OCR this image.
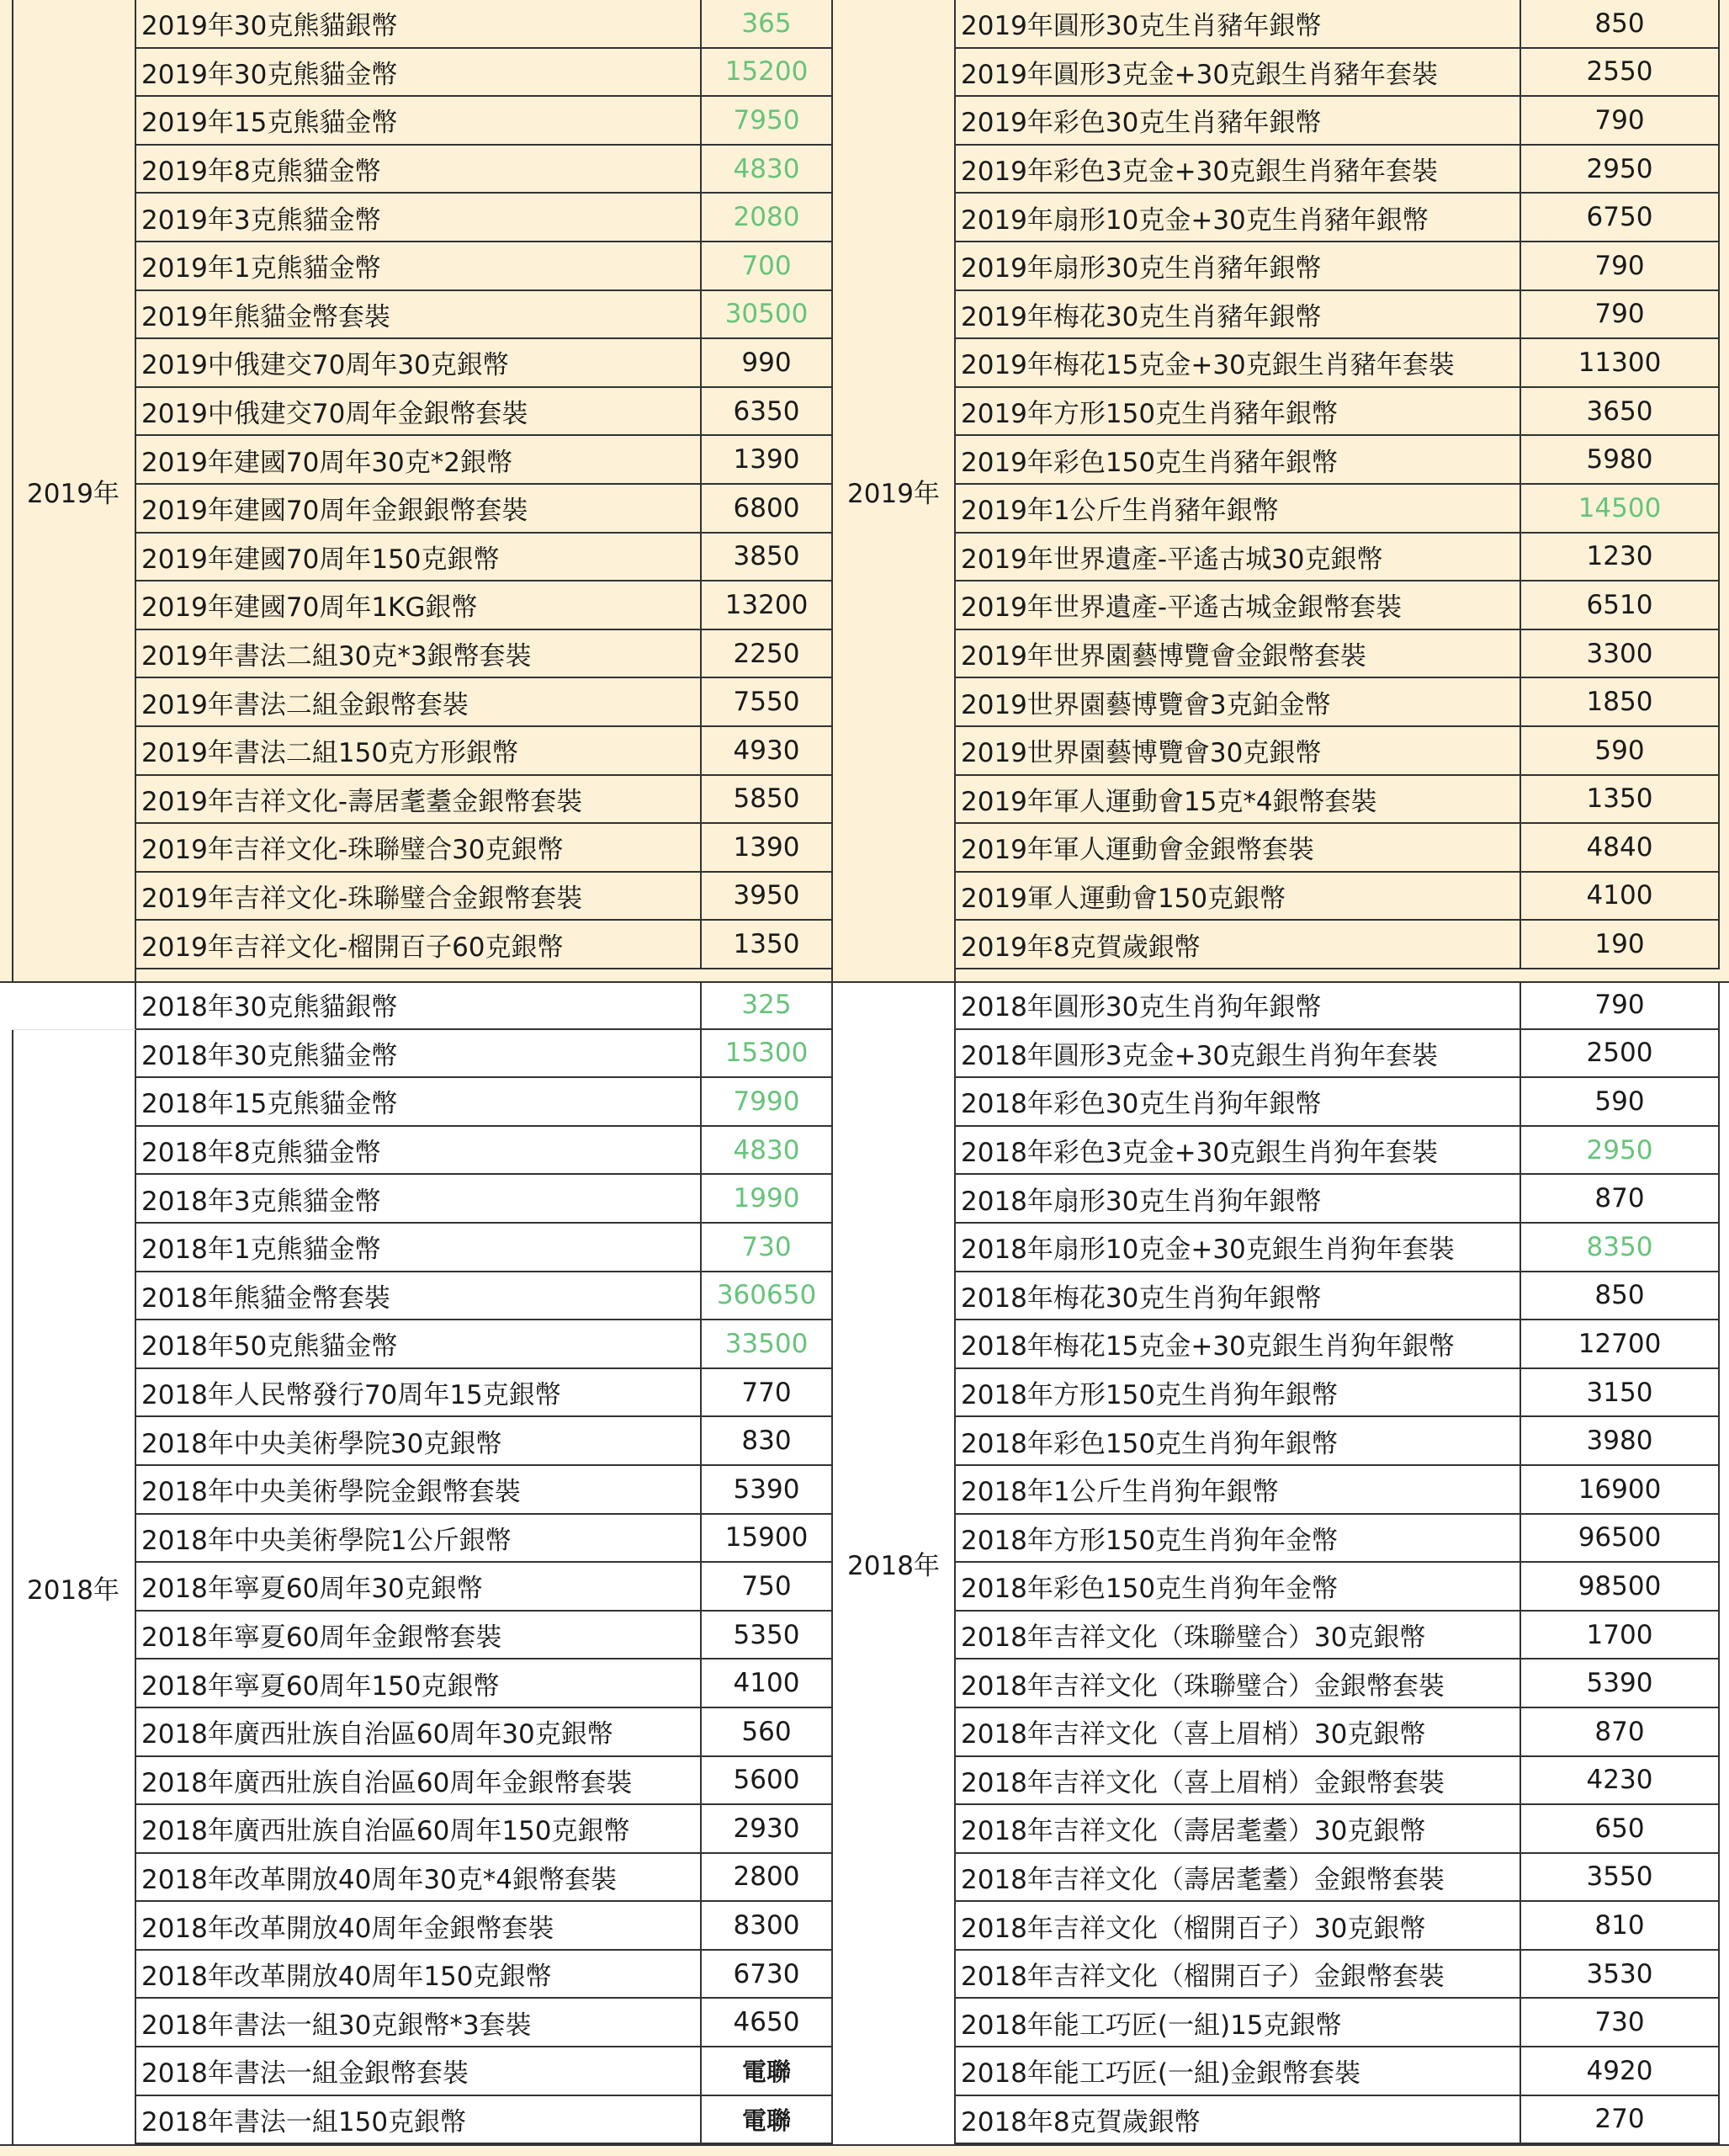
2019年
2019年30克熊貓銀幣	365
2019年30克熊貓金幣	15200
2019年15克熊貓金幣	7950
2019年8克熊貓金幣	4830
2019年3克熊貓金幣	2080
2019年1克熊貓金幣	700
2019年熊貓金幣套裝	30500
2019中俄建交70周年30克銀幣	990
2019中俄建交70周年金銀幣套裝	6350
2019年建國70周年30克*2銀幣	1390
2019年建國70周年金銀銀幣套裝	6800
2019年建國70周年150克銀幣	3850
2019年建國70周年1KG銀幣	13200
2019年書法二組30克*3銀幣套裝	2250
2019年書法二組金銀幣套裝	7550
2019年書法二組150克方形銀幣	4930
2019年吉祥文化-壽居耄耋金銀幣套裝	5850
2019年吉祥文化-珠聯璧合30克銀幣	1390
2019年吉祥文化-珠聯璧合金銀幣套裝	3950
2019年吉祥文化-榴開百子60克銀幣	1350
2019年
2019年圓形30克生肖豬年銀幣	850
2019年圓形3克金+30克銀生肖豬年套裝	2550
2019年彩色30克生肖豬年銀幣	790
2019年彩色3克金+30克銀生肖豬年套裝	2950
2019年扇形10克金+30克生肖豬年銀幣	6750
2019年扇形30克生肖豬年銀幣	790
2019年梅花30克生肖豬年銀幣	790
2019年梅花15克金+30克銀生肖豬年套裝	11300
2019年方形150克生肖豬年銀幣	3650
2019年彩色150克生肖豬年銀幣	5980
2019年1公斤生肖豬年銀幣	14500
2019年世界遺產-平遙古城30克銀幣	1230
2019年世界遺產-平遙古城金銀幣套裝	6510
2019年世界園藝博覽會金銀幣套裝	3300
2019世界園藝博覽會3克鉑金幣	1850
2019世界園藝博覽會30克銀幣	590
2019年軍人運動會15克*4銀幣套裝	1350
2019年軍人運動會金銀幣套裝	4840
2019軍人運動會150克銀幣	4100
2019年8克賀歲銀幣	190
2018年
2018年30克熊貓銀幣	325
2018年30克熊貓金幣	15300
2018年15克熊貓金幣	7990
2018年8克熊貓金幣	4830
2018年3克熊貓金幣	1990
2018年1克熊貓金幣	730
2018年熊貓金幣套裝	360650
2018年50克熊貓金幣	33500
2018年人民幣發行70周年15克銀幣	770
2018年中央美術學院30克銀幣	830
2018年中央美術學院金銀幣套裝	5390
2018年中央美術學院1公斤銀幣	15900
2018年寧夏60周年30克銀幣	750
2018年寧夏60周年金銀幣套裝	5350
2018年寧夏60周年150克銀幣	4100
2018年廣西壯族自治區60周年30克銀幣	560
2018年廣西壯族自治區60周年金銀幣套裝	5600
2018年廣西壯族自治區60周年150克銀幣	2930
2018年改革開放40周年30克*4銀幣套裝	2800
2018年改革開放40周年金銀幣套裝	8300
2018年改革開放40周年150克銀幣	6730
2018年書法一組30克銀幣*3套裝	4650
2018年書法一組金銀幣套裝	電聯
2018年書法一組150克銀幣	電聯
2018年
2018年圓形30克生肖狗年銀幣	790
2018年圓形3克金+30克銀生肖狗年套裝	2500
2018年彩色30克生肖狗年銀幣	590
2018年彩色3克金+30克銀生肖狗年套裝	2950
2018年扇形30克生肖狗年銀幣	870
2018年扇形10克金+30克銀生肖狗年套裝	8350
2018年梅花30克生肖狗年銀幣	850
2018年梅花15克金+30克銀生肖狗年銀幣	12700
2018年方形150克生肖狗年銀幣	3150
2018年彩色150克生肖狗年銀幣	3980
2018年1公斤生肖狗年銀幣	16900
2018年方形150克生肖狗年金幣	96500
2018年彩色150克生肖狗年金幣	98500
2018年吉祥文化（珠聯璧合）30克銀幣	1700
2018年吉祥文化（珠聯璧合）金銀幣套裝	5390
2018年吉祥文化（喜上眉梢）30克銀幣	870
2018年吉祥文化（喜上眉梢）金銀幣套裝	4230
2018年吉祥文化（壽居耄耋）30克銀幣	650
2018年吉祥文化（壽居耄耋）金銀幣套裝	3550
2018年吉祥文化（榴開百子）30克銀幣	810
2018年吉祥文化（榴開百子）金銀幣套裝	3530
2018年能工巧匠(一組)15克銀幣	730
2018年能工巧匠(一組)金銀幣套裝	4920
2018年8克賀歲銀幣	270
